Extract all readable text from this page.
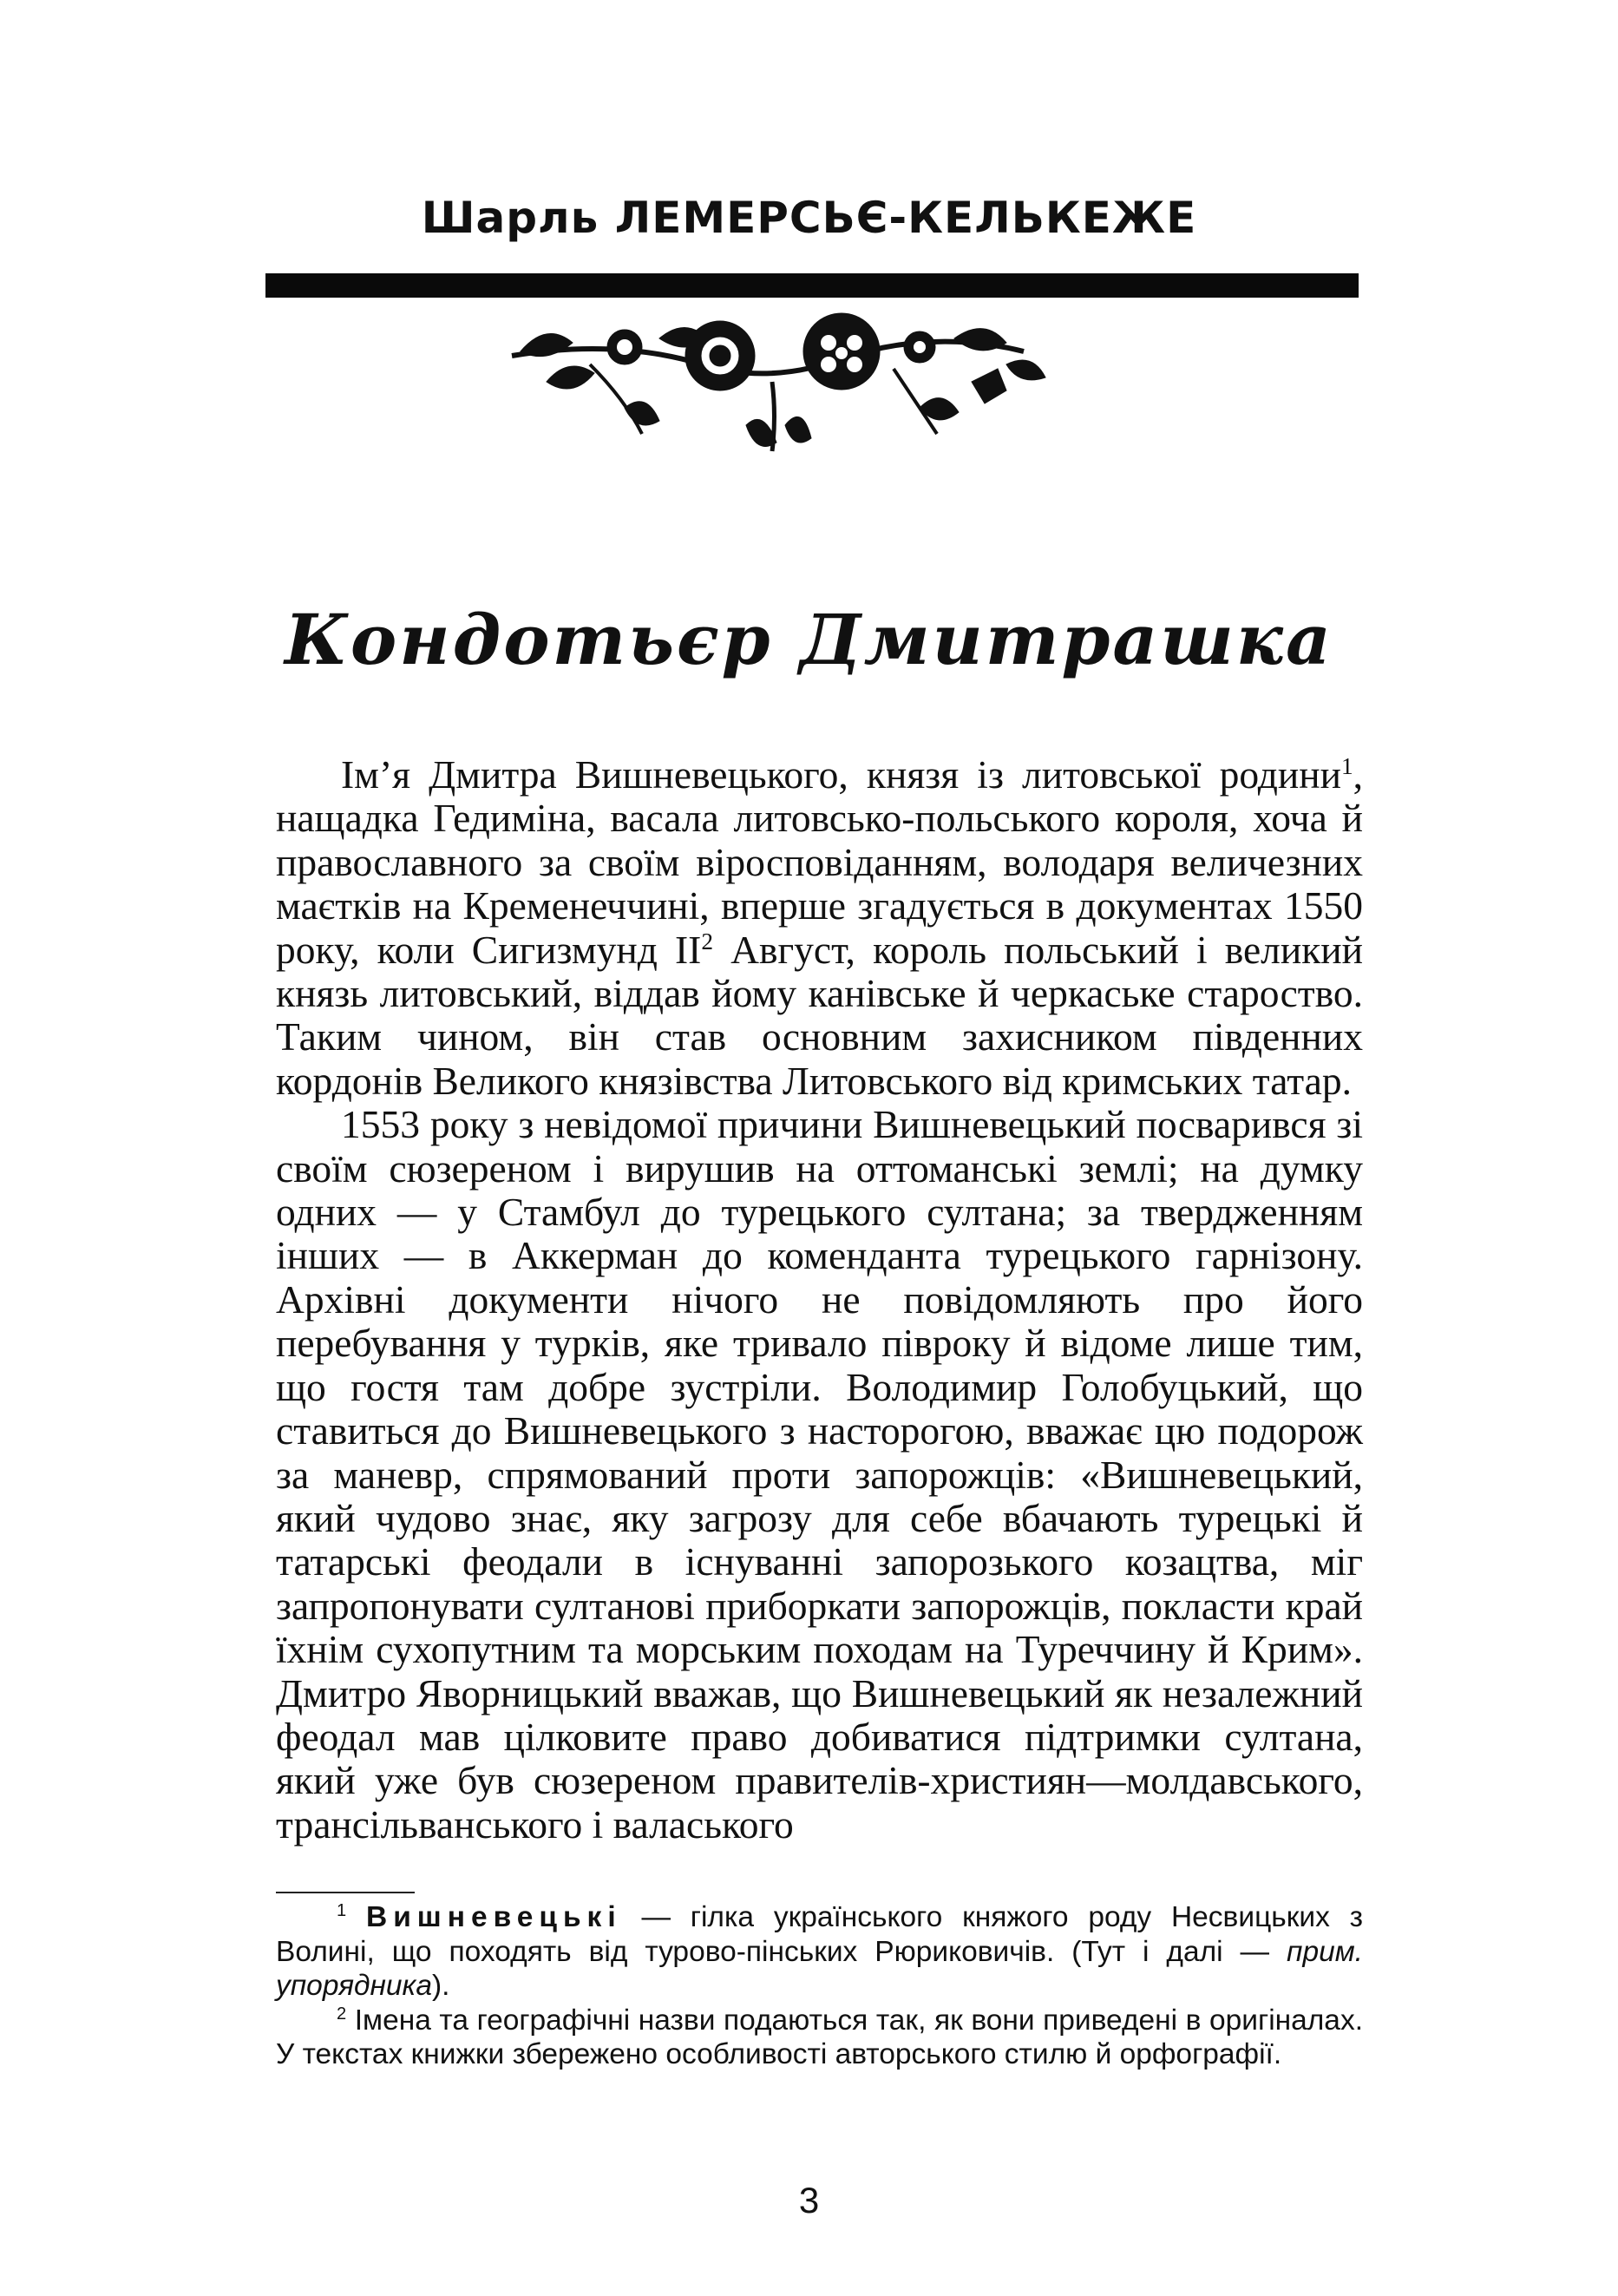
Шарль ЛЕМЕРСЬЄ-КЕЛЬКЕЖЕ
Кондотьєр Дмитрашка

Ім’я Дмитра Вишневецького, князя із литовської родини$^1$, нащадка Гедиміна, васала литовсько-польського короля, хоча й православного за своїм віросповіданням, володаря величезних маєтків на Кременеччині, вперше згадується в документах 1550 року, коли Сигизмунд $II^2$ Август, король польський і великий князь литовський, віддав йому канівське й черкаське староство. Таким чином, він став основним захисником південних кордонів Великого князівства Литовського від кримських татар.

1553 року з невідомої причини Вишневецький посварився зі своїм сюзереном і вирушив на оттоманські землі; на думку одних — у Стамбул до турецького султана; за твердженням інших — в Аккерман до коменданта турецького гарнізону. Архівні документи нічого не повідомляють про його перебування у турків, яке тривало півроку й відоме лише тим, що гостя там добре зустріли. Володимир Голобуцький, що ставиться до Вишневецького з насторогою, вважає цю подорож за маневр, спрямований проти запорожців: «Вишневецький, який чудово знає, яку загрозу для себе вбачають турецькі й татарські феодали в існуванні запорозького козацтва, міг запропонувати султанові приборкати запорожців, покласти край їхнім сухопутним та морським походам на Туреччину й Крим». Дмитро Яворницький вважав, що Вишневецький як незалежний феодал мав цілковите право добиватися підтримки султана, який уже був сюзереном правителів-християн—молдавського, трансільванського і валаського

$^1$ Вишневецькі — гілка українського княжого роду Несвицьких з Волині, що походять від турово-пінських Рюриковичів. (Тут і далі — прим. упорядника).

$^2$ Імена та географічні назви подаються так, як вони приведені в оригіналах. У текстах книжки збережено особливості авторського стилю й орфографії.

3
